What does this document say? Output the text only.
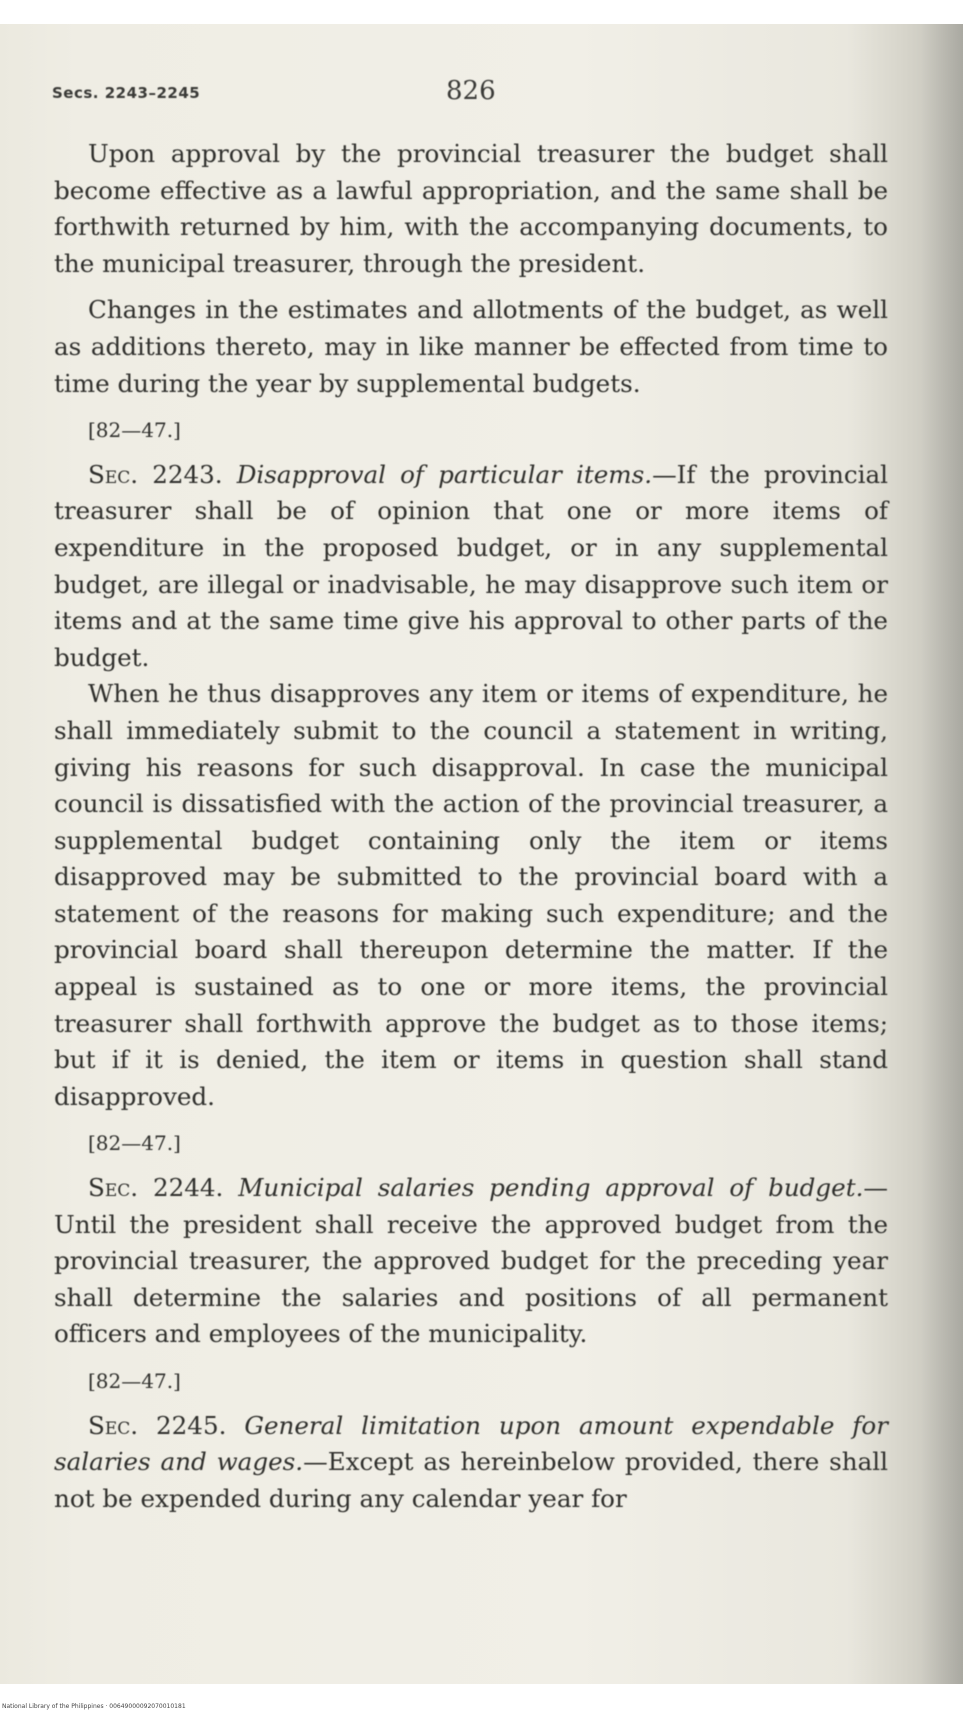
Secs. 2243–2245	826

Upon approval by the provincial treasurer the budget shall become effective as a lawful appropriation, and the same shall be forthwith returned by him, with the accompanying documents, to the municipal treasurer, through the president.

Changes in the estimates and allotments of the budget, as well as additions thereto, may in like manner be effected from time to time during the year by supplemental budgets.

[82—47.]

Sec. 2243. Disapproval of particular items.—If the provincial treasurer shall be of opinion that one or more items of expenditure in the proposed budget, or in any supplemental budget, are illegal or inadvisable, he may disapprove such item or items and at the same time give his approval to other parts of the budget.

When he thus disapproves any item or items of expenditure, he shall immediately submit to the council a statement in writing, giving his reasons for such disapproval. In case the municipal council is dissatisfied with the action of the provincial treasurer, a supplemental budget containing only the item or items disapproved may be submitted to the provincial board with a statement of the reasons for making such expenditure; and the provincial board shall thereupon determine the matter. If the appeal is sustained as to one or more items, the provincial treasurer shall forthwith approve the budget as to those items; but if it is denied, the item or items in question shall stand disapproved.

[82—47.]

Sec. 2244. Municipal salaries pending approval of budget.—Until the president shall receive the approved budget from the provincial treasurer, the approved budget for the preceding year shall determine the salaries and positions of all permanent officers and employees of the municipality.

[82—47.]

Sec. 2245. General limitation upon amount expendable for salaries and wages.—Except as hereinbelow provided, there shall not be expended during any calendar year for

National Library of the Philippines · 00649000092070010181
